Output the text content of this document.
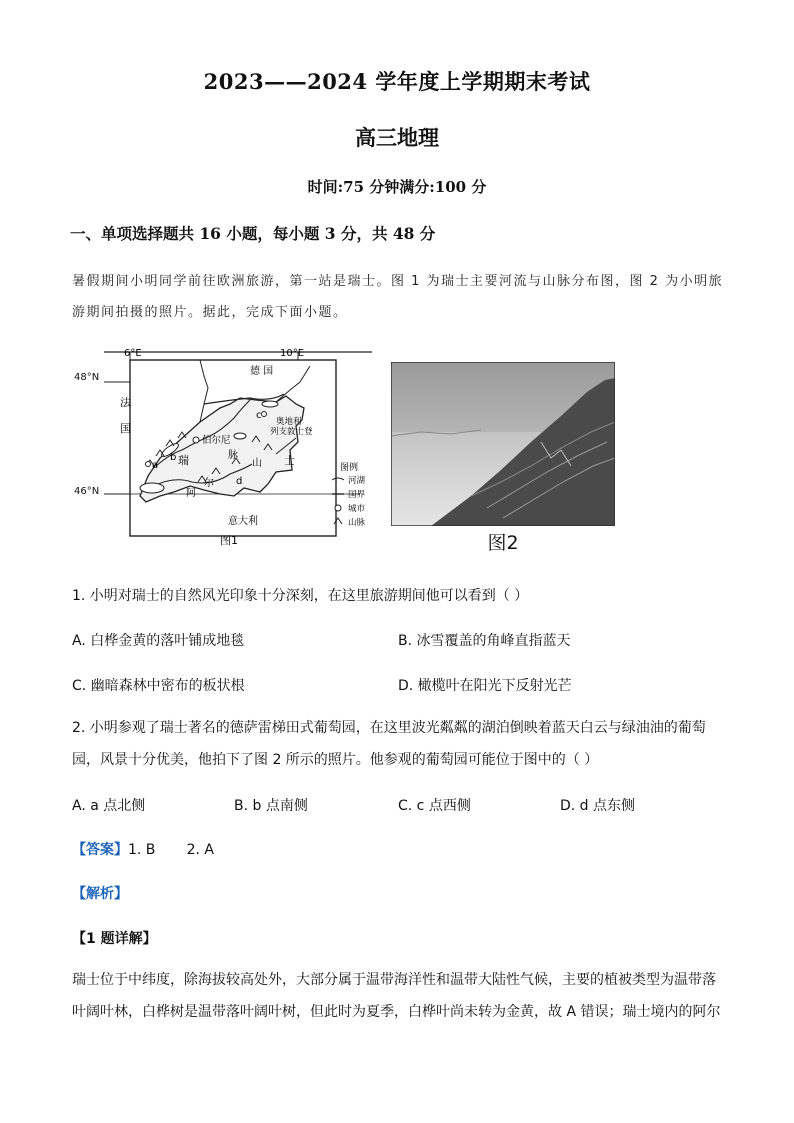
2023——2024 学年度上学期期末考试
高三地理
时间:75 分钟满分:100 分
一、单项选择题共 16 小题，每小题 3 分，共 48 分
暑假期间小明同学前往欧洲旅游，第一站是瑞士。图 1 为瑞士主要河流与山脉分布图，图 2 为小明旅
游期间拍摄的照片。据此，完成下面小题。
6°E	10°E
德 国
法
国
意大利
瑞	士
伯尔尼
奥地利
列支敦士登
山
脉
阿
尔
a
b
c
d
图例
河湖
国界
城市
山脉
图1
48°N
46°N
图2
1. 小明对瑞士的自然风光印象十分深刻，在这里旅游期间他可以看到（ ）
A. 白桦金黄的落叶铺成地毯	B. 冰雪覆盖的角峰直指蓝天
C. 幽暗森林中密布的板状根	D. 橄榄叶在阳光下反射光芒
2. 小明参观了瑞士著名的德萨雷梯田式葡萄园，在这里波光粼粼的湖泊倒映着蓝天白云与绿油油的葡萄
园，风景十分优美，他拍下了图 2 所示的照片。他参观的葡萄园可能位于图中的（ ）
A. a 点北侧	B. b 点南侧	C. c 点西侧	D. d 点东侧
【答案】1. B       2. A
【解析】
【1 题详解】
瑞士位于中纬度，除海拔较高处外，大部分属于温带海洋性和温带大陆性气候，主要的植被类型为温带落
叶阔叶林，白桦树是温带落叶阔叶树，但此时为夏季，白桦叶尚未转为金黄，故 A 错误；瑞士境内的阿尔
